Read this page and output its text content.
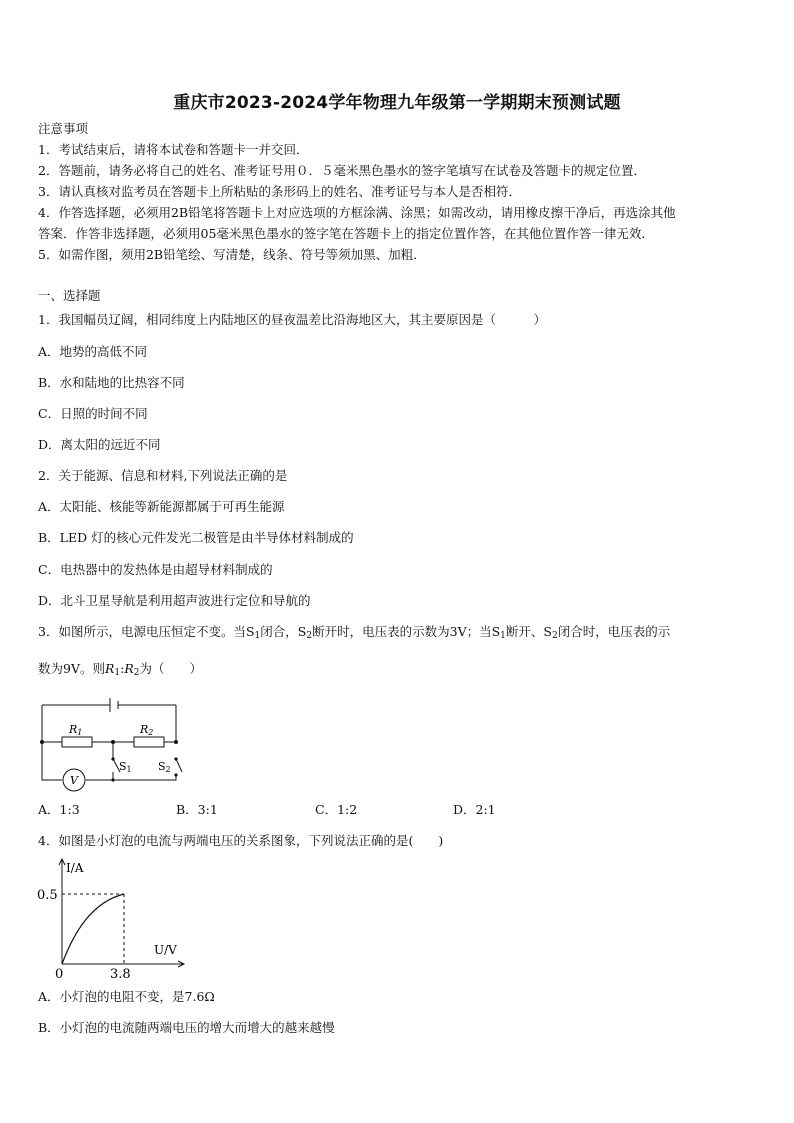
重庆市2023-2024学年物理九年级第一学期期末预测试题
注意事项
1．考试结束后，请将本试卷和答题卡一并交回．
2．答题前，请务必将自己的姓名、准考证号用０．５毫米黑色墨水的签字笔填写在试卷及答题卡的规定位置．
3．请认真核对监考员在答题卡上所粘贴的条形码上的姓名、准考证号与本人是否相符．
4．作答选择题，必须用2B铅笔将答题卡上对应选项的方框涂满、涂黑；如需改动，请用橡皮擦干净后，再选涂其他
答案．作答非选择题，必须用05毫米黑色墨水的签字笔在答题卡上的指定位置作答，在其他位置作答一律无效．
5．如需作图，须用2B铅笔绘、写清楚，线条、符号等须加黑、加粗．
一、选择题
1．我国幅员辽阔，相同纬度上内陆地区的昼夜温差比沿海地区大，其主要原因是（　　　）
A．地势的高低不同
B．水和陆地的比热容不同
C．日照的时间不同
D．离太阳的远近不同
2．关于能源、信息和材料,下列说法正确的是
A．太阳能、核能等新能源都属于可再生能源
B．LED 灯的核心元件发光二极管是由半导体材料制成的
C．电热器中的发热体是由超导材料制成的
D．北斗卫星导航是利用超声波进行定位和导航的
3．如图所示，电源电压恒定不变。当$S_1$闭合，$S_2$断开时，电压表的示数为3V；当$S_1$断开、$S_2$闭合时，电压表的示
数为9V。则$R_1:R_2$为（　　）
R1	R2
S1 S2
V
A．1:3	B．3:1	C．1:2	D．2:1
4．如图是小灯泡的电流与两端电压的关系图象，下列说法正确的是(　　)
I/A
U/V
0.5
0	3.8
A．小灯泡的电阻不变，是7.6Ω
B．小灯泡的电流随两端电压的增大而增大的越来越慢
